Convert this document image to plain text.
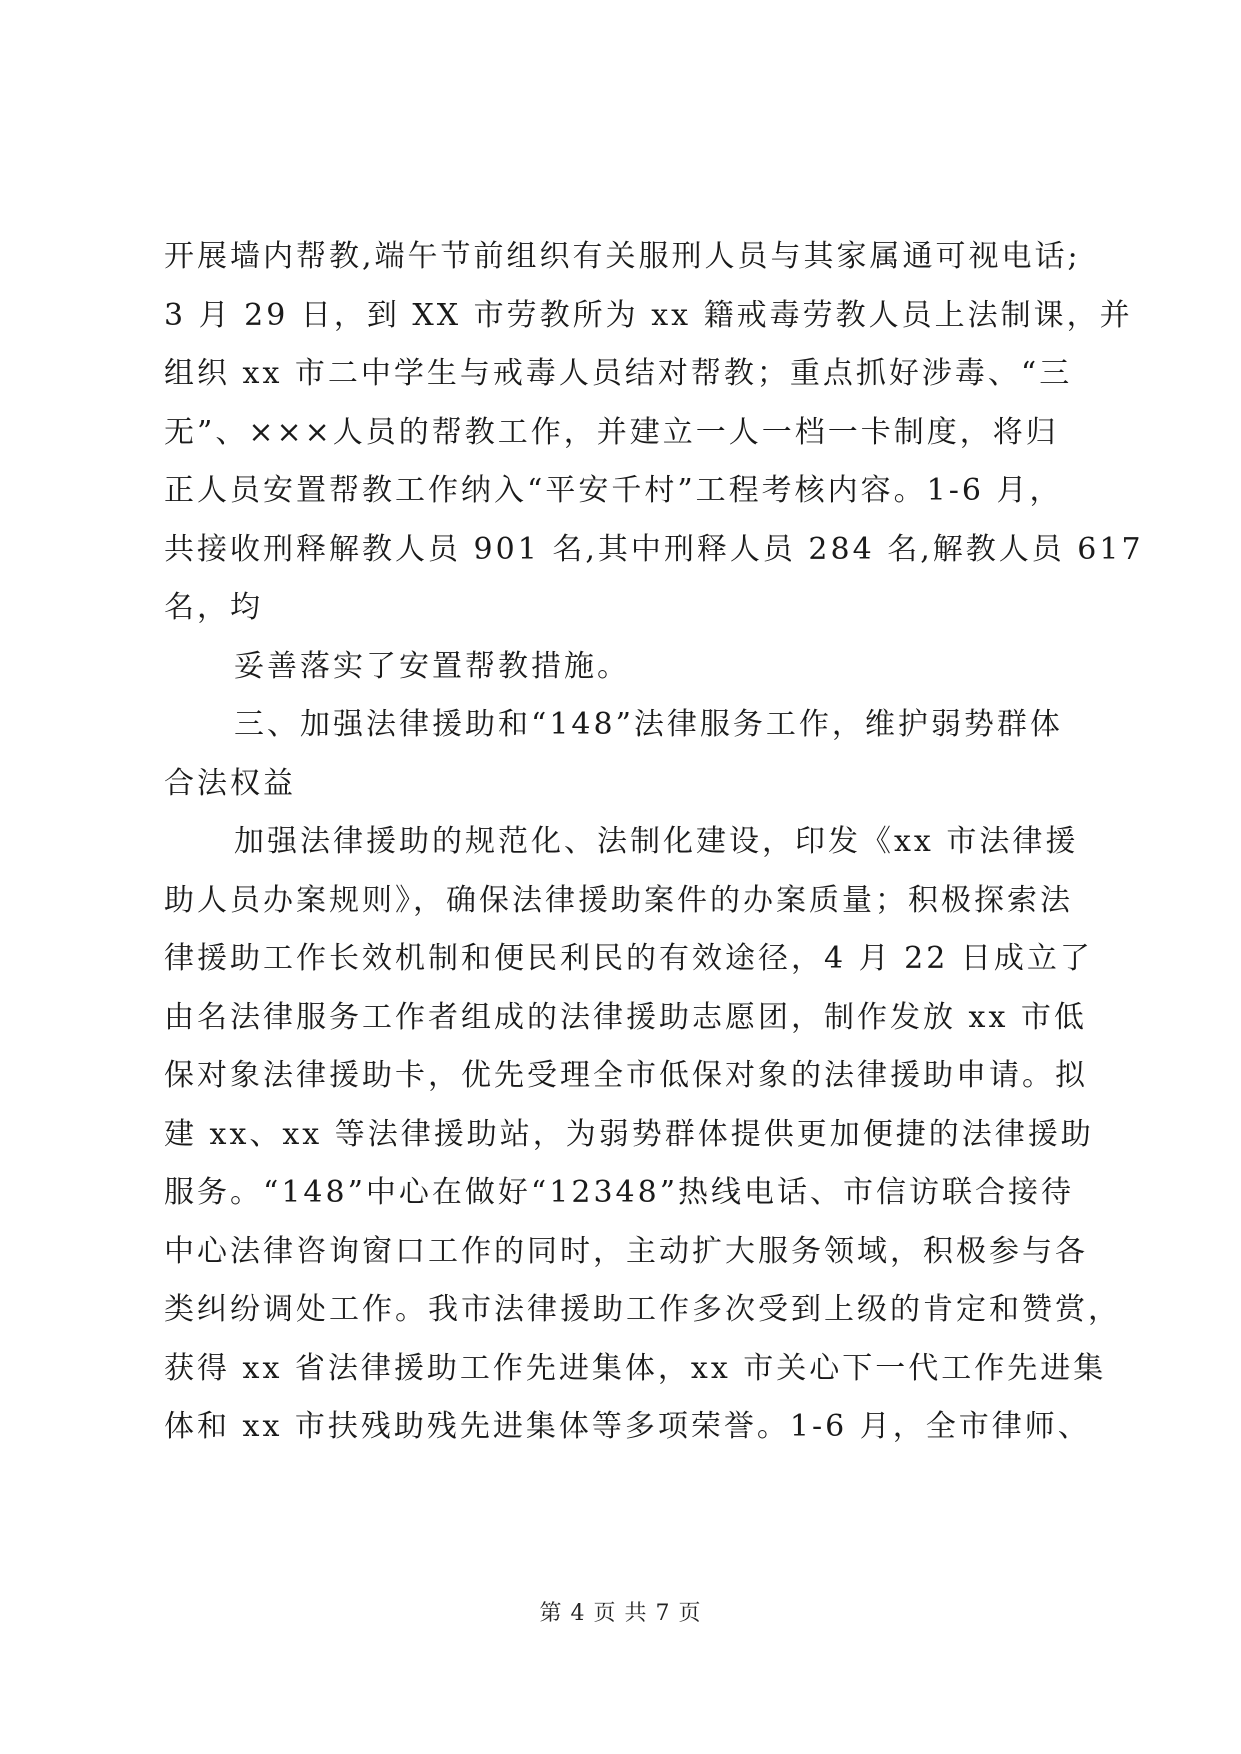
开展墙内帮教,端午节前组织有关服刑人员与其家属通可视电话;
3 月 29 日，到 XX 市劳教所为 xx 籍戒毒劳教人员上法制课，并
组织 xx 市二中学生与戒毒人员结对帮教；重点抓好涉毒、“三
无”、×××人员的帮教工作，并建立一人一档一卡制度，将归
正人员安置帮教工作纳入“平安千村”工程考核内容。1-6 月，
共接收刑释解教人员 901 名,其中刑释人员 284 名,解教人员 617
名，均
妥善落实了安置帮教措施。
三、加强法律援助和“148”法律服务工作，维护弱势群体
合法权益
加强法律援助的规范化、法制化建设，印发《xx 市法律援
助人员办案规则》，确保法律援助案件的办案质量；积极探索法
律援助工作长效机制和便民利民的有效途径，4 月 22 日成立了
由名法律服务工作者组成的法律援助志愿团，制作发放 xx 市低
保对象法律援助卡，优先受理全市低保对象的法律援助申请。拟
建 xx、xx 等法律援助站，为弱势群体提供更加便捷的法律援助
服务。“148”中心在做好“12348”热线电话、市信访联合接待
中心法律咨询窗口工作的同时，主动扩大服务领域，积极参与各
类纠纷调处工作。我市法律援助工作多次受到上级的肯定和赞赏，
获得 xx 省法律援助工作先进集体，xx 市关心下一代工作先进集
体和 xx 市扶残助残先进集体等多项荣誉。1-6 月，全市律师、
第 4 页 共 7 页
